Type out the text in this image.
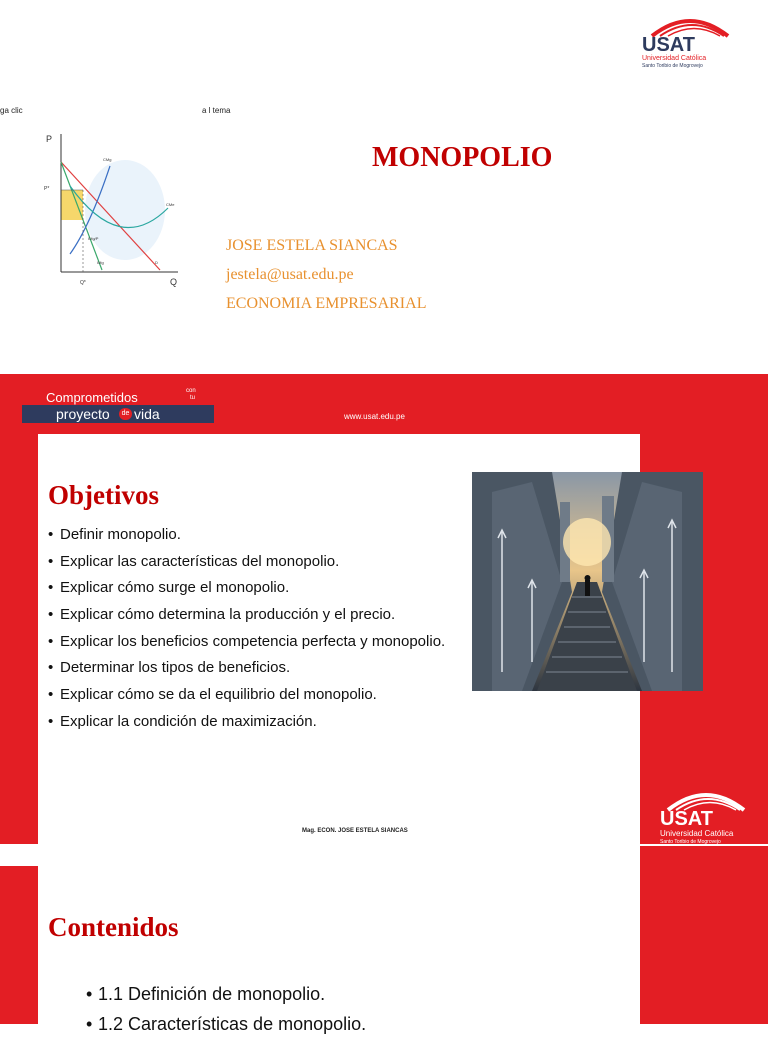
ga clic	a l tema
P
Q
P*
Q*
CMg
CMe
IMg	D
IMg/P
MONOPOLIO
JOSE ESTELA SIANCAS
jestela@usat.edu.pe
ECONOMIA EMPRESARIAL
USAT
Universidad Católica
Santo Toribio de Mogrovejo
Comprometidos	con
tu
proyecto	de vida	www.usat.edu.pe
Objetivos
• Definir monopolio.
• Explicar las características del monopolio.
• Explicar cómo surge el monopolio.
• Explicar cómo determina la producción y el precio.
• Explicar los beneficios competencia perfecta y monopolio.
• Determinar los tipos de beneficios.
• Explicar cómo se da el equilibrio del monopolio.
• Explicar la condición de maximización.
Mag. ECON. JOSE ESTELA SIANCAS
USAT
Universidad Católica
Santo Toribio de Mogrovejo
Contenidos
• 1.1 Definición de monopolio.
• 1.2 Características de monopolio.
